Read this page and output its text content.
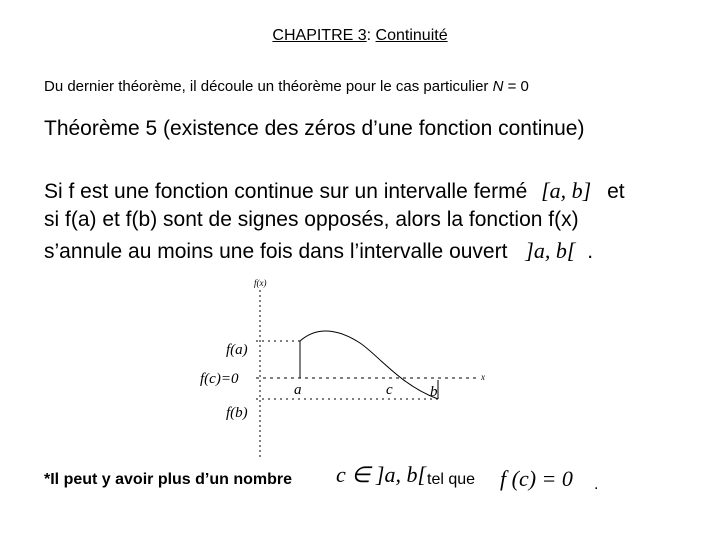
CHAPITRE 3: Continuité
Du dernier théorème, il découle un théorème pour le cas particulier N = 0
Théorème 5 (existence des zéros d’une fonction continue)
Si f est une fonction continue sur un intervalle fermé [a, b] et
si f(a) et f(b) sont de signes opposés, alors la fonction f(x)
s’annule au moins une fois dans l’intervalle ouvert ]a, b[ .
f(x)
x
f(a)
f(c)=0
f(b)
a	c b
*Il peut y avoir plus d’un nombre c ∈ ]a, b[ tel que f (c) = 0 .
